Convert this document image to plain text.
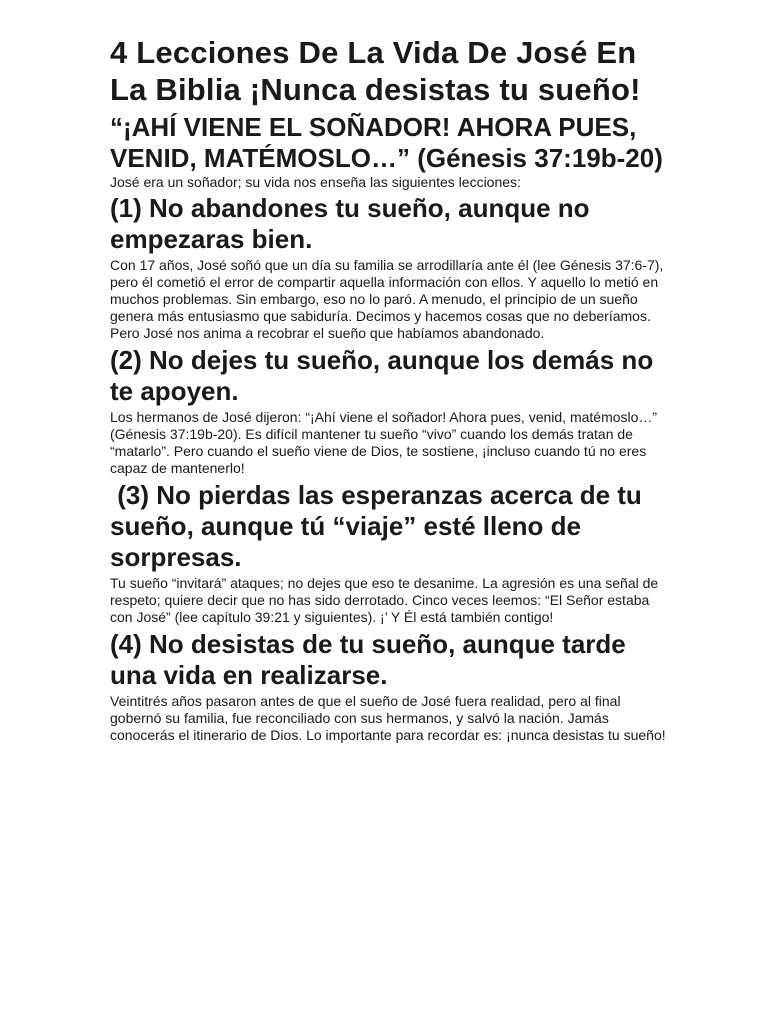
4 Lecciones De La Vida De José En La Biblia ¡Nunca desistas tu sueño!
“¡AHÍ VIENE EL SOÑADOR! AHORA PUES, VENID, MATÉMOSLO…” (Génesis 37:19b-20)

José era un soñador; su vida nos enseña las siguientes lecciones:

(1) No abandones tu sueño, aunque no empezaras bien.

Con 17 años, José soñó que un día su familia se arrodillaría ante él (lee Génesis 37:6-7), pero él cometió el error de compartir aquella información con ellos. Y aquello lo metió en muchos problemas. Sin embargo, eso no lo paró. A menudo, el principio de un sueño genera más entusiasmo que sabiduría. Decimos y hacemos cosas que no deberíamos. Pero José nos anima a recobrar el sueño que habíamos abandonado.

(2) No dejes tu sueño, aunque los demás no te apoyen.

Los hermanos de José dijeron: “¡Ahí viene el soñador! Ahora pues, venid, matémoslo…” (Génesis 37:19b-20). Es difícil mantener tu sueño “vivo” cuando los demás tratan de “matarlo”. Pero cuando el sueño viene de Dios, te sostiene, ¡incluso cuando tú no eres capaz de mantenerlo!

(3) No pierdas las esperanzas acerca de tu sueño, aunque tú “viaje” esté lleno de sorpresas.

Tu sueño “invitará” ataques; no dejes que eso te desanime. La agresión es una señal de respeto; quiere decir que no has sido derrotado. Cinco veces leemos: “El Señor estaba con José” (lee capítulo 39:21 y siguientes). ¡’ Y Él está también contigo!

(4) No desistas de tu sueño, aunque tarde una vida en realizarse.

Veintitrés años pasaron antes de que el sueño de José fuera realidad, pero al final gobernó su familia, fue reconciliado con sus hermanos, y salvó la nación. Jamás conocerás el itinerario de Dios. Lo importante para recordar es: ¡nunca desistas tu sueño!
